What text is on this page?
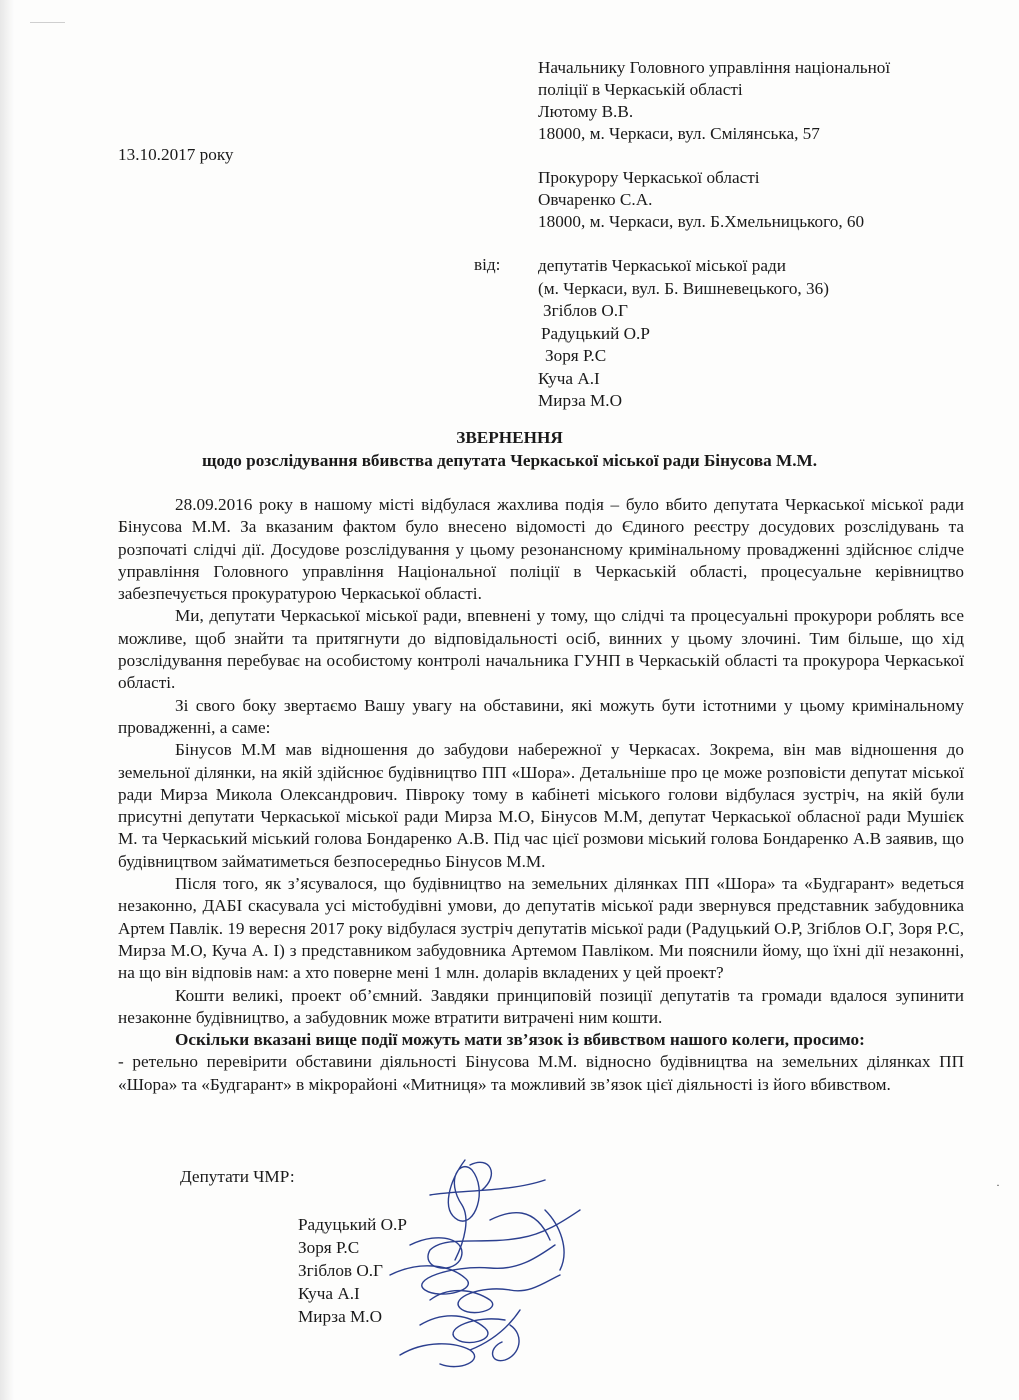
Начальнику Головного управління національної
поліції в Черкаській області
Лютому В.В.
18000, м. Черкаси, вул. Смілянська, 57
13.10.2017 року
Прокурору Черкаської області
Овчаренко С.А.
18000, м. Черкаси, вул. Б.Хмельницького, 60
від: депутатів Черкаської міської ради
(м. Черкаси, вул. Б. Вишневецького, 36)
Згіблов О.Г
Радуцький О.Р
Зоря Р.С
Куча А.І
Мирза М.О
ЗВЕРНЕННЯ
щодо розслідування вбивства депутата Черкаської міської ради Бінусова М.М.

28.09.2016 року в нашому місті відбулася жахлива подія – було вбито депутата Черкаської міської ради Бінусова М.М. За вказаним фактом було внесено відомості до Єдиного реєстру досудових розслідувань та розпочаті слідчі дії. Досудове розслідування у цьому резонансному кримінальному провадженні здійснює слідче управління Головного управління Національної поліції в Черкаській області, процесуальне керівництво забезпечується прокуратурою Черкаської області.

Ми, депутати Черкаської міської ради, впевнені у тому, що слідчі та процесуальні прокурори роблять все можливе, щоб знайти та притягнути до відповідальності осіб, винних у цьому злочині. Тим більше, що хід розслідування перебуває на особистому контролі начальника ГУНП в Черкаській області та прокурора Черкаської області.

Зі свого боку звертаємо Вашу увагу на обставини, які можуть бути істотними у цьому кримінальному провадженні, а саме:

Бінусов М.М мав відношення до забудови набережної у Черкасах. Зокрема, він мав відношення до земельної ділянки, на якій здійснює будівництво ПП «Шора». Детальніше про це може розповісти депутат міської ради Мирза Микола Олександрович. Півроку тому в кабінеті міського голови відбулася зустріч, на якій були присутні депутати Черкаської міської ради Мирза М.О, Бінусов М.М, депутат Черкаської обласної ради Мушієк М. та Черкаський міський голова Бондаренко А.В. Під час цієї розмови міський голова Бондаренко А.В заявив, що будівництвом займатиметься безпосередньо Бінусов М.М.

Після того, як з’ясувалося, що будівництво на земельних ділянках ПП «Шора» та «Будгарант» ведеться незаконно, ДАБІ скасувала усі містобудівні умови, до депутатів міської ради звернувся представник забудовника Артем Павлік. 19 вересня 2017 року відбулася зустріч депутатів міської ради (Радуцький О.Р, Згіблов О.Г, Зоря Р.С, Мирза М.О, Куча А. І) з представником забудовника Артемом Павліком. Ми пояснили йому, що їхні дії незаконні, на що він відповів нам: а хто поверне мені 1 млн. доларів вкладених у цей проект?

Кошти великі, проект об’ємний. Завдяки принциповій позиції депутатів та громади вдалося зупинити незаконне будівництво, а забудовник може втратити витрачені ним кошти.

Оскільки вказані вище події можуть мати зв’язок із вбивством нашого колеги, просимо:

- ретельно перевірити обставини діяльності Бінусова М.М. відносно будівництва на земельних ділянках ПП «Шора» та «Будгарант» в мікрорайоні «Митниця» та можливий зв’язок цієї діяльності із його вбивством.

Депутати ЧМР:
Радуцький О.Р
Зоря Р.С
Згіблов О.Г
Куча А.І
Мирза М.О
·
